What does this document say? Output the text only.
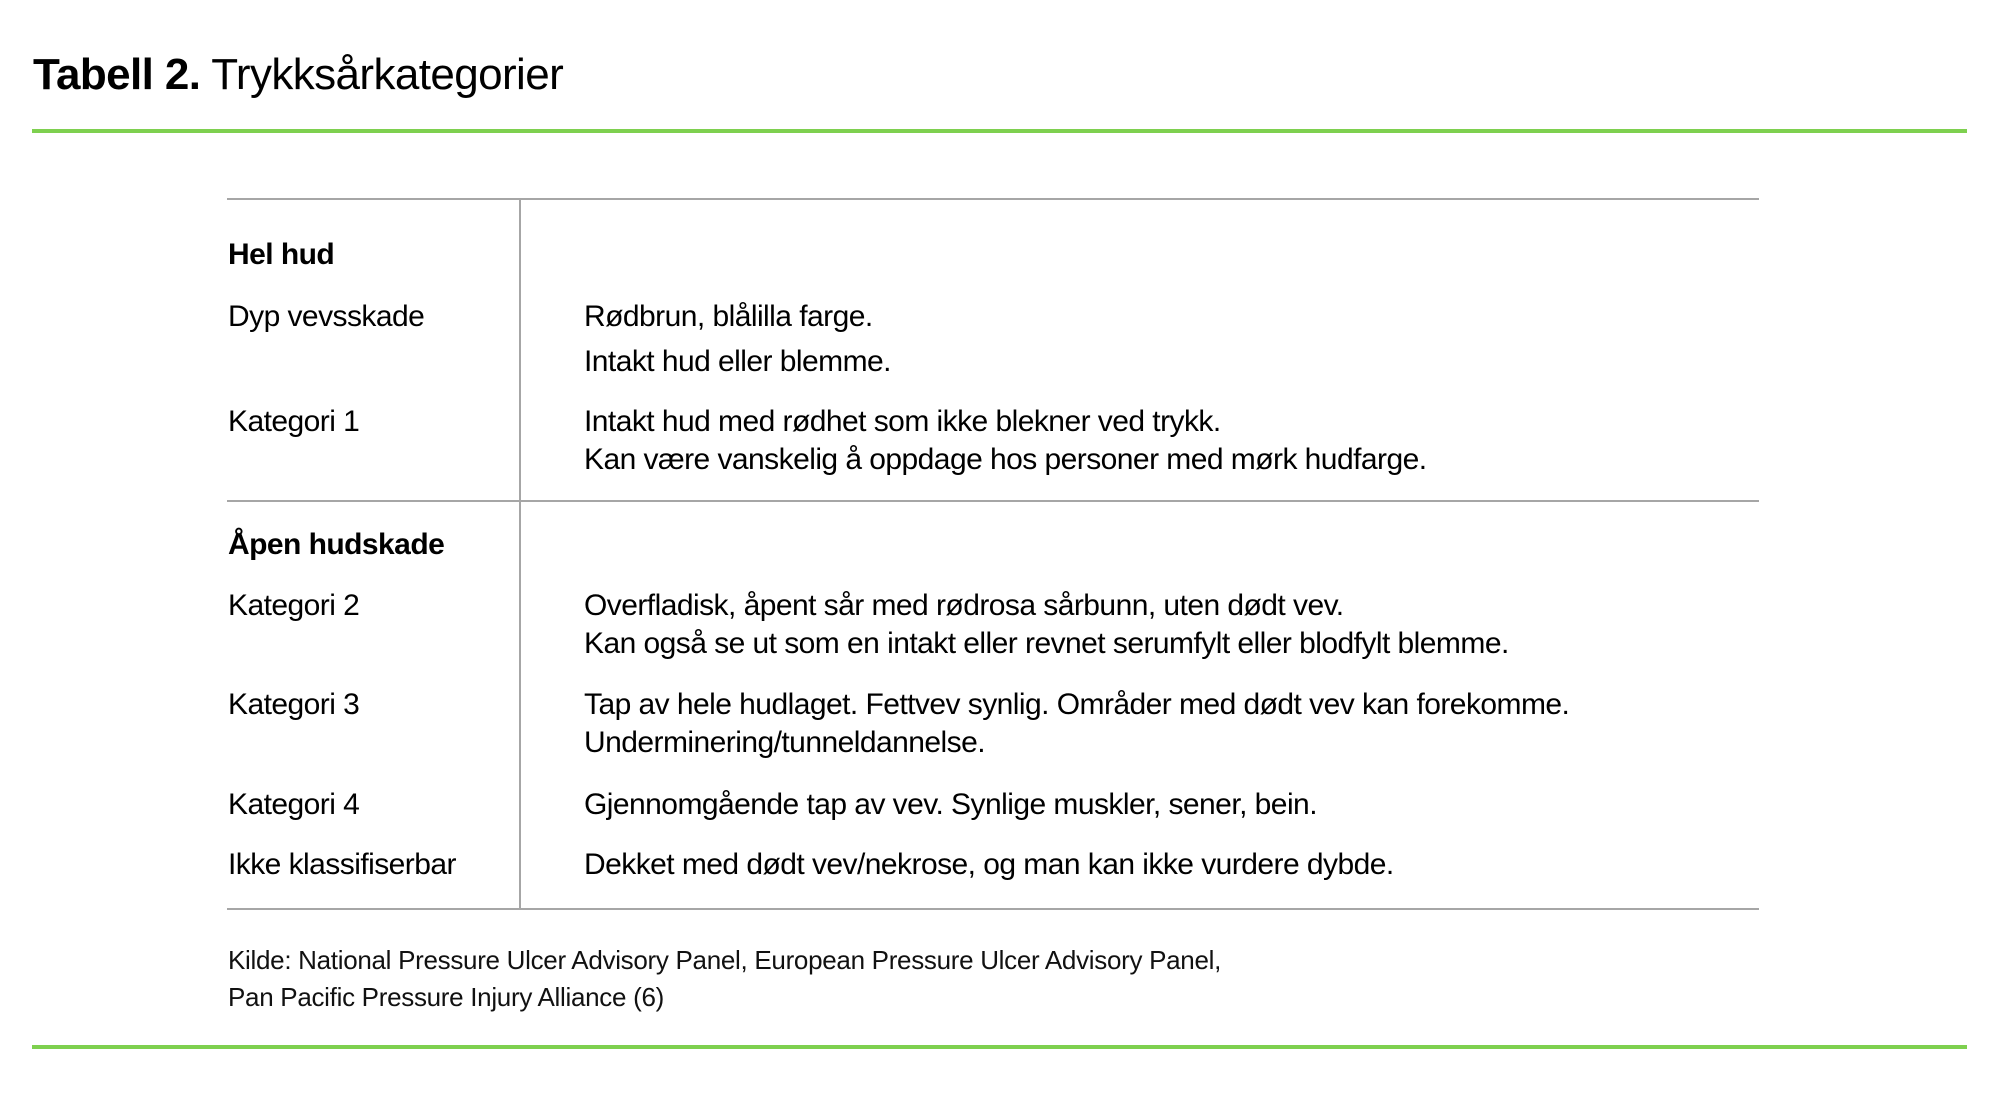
Tabell 2. Trykksårkategorier
Hel hud
Dyp vevsskade	Rødbrun, blålilla farge.
Intakt hud eller blemme.
Kategori 1	Intakt hud med rødhet som ikke blekner ved trykk.
Kan være vanskelig å oppdage hos personer med mørk hudfarge.
Åpen hudskade
Kategori 2	Overfladisk, åpent sår med rødrosa sårbunn, uten dødt vev.
Kan også se ut som en intakt eller revnet serumfylt eller blodfylt blemme.
Kategori 3	Tap av hele hudlaget. Fettvev synlig. Områder med dødt vev kan forekomme.
Underminering/tunneldannelse.
Kategori 4	Gjennomgående tap av vev. Synlige muskler, sener, bein.
Ikke klassifiserbar	Dekket med dødt vev/nekrose, og man kan ikke vurdere dybde.
Kilde: National Pressure Ulcer Advisory Panel, European Pressure Ulcer Advisory Panel,
Pan Pacific Pressure Injury Alliance (6)
